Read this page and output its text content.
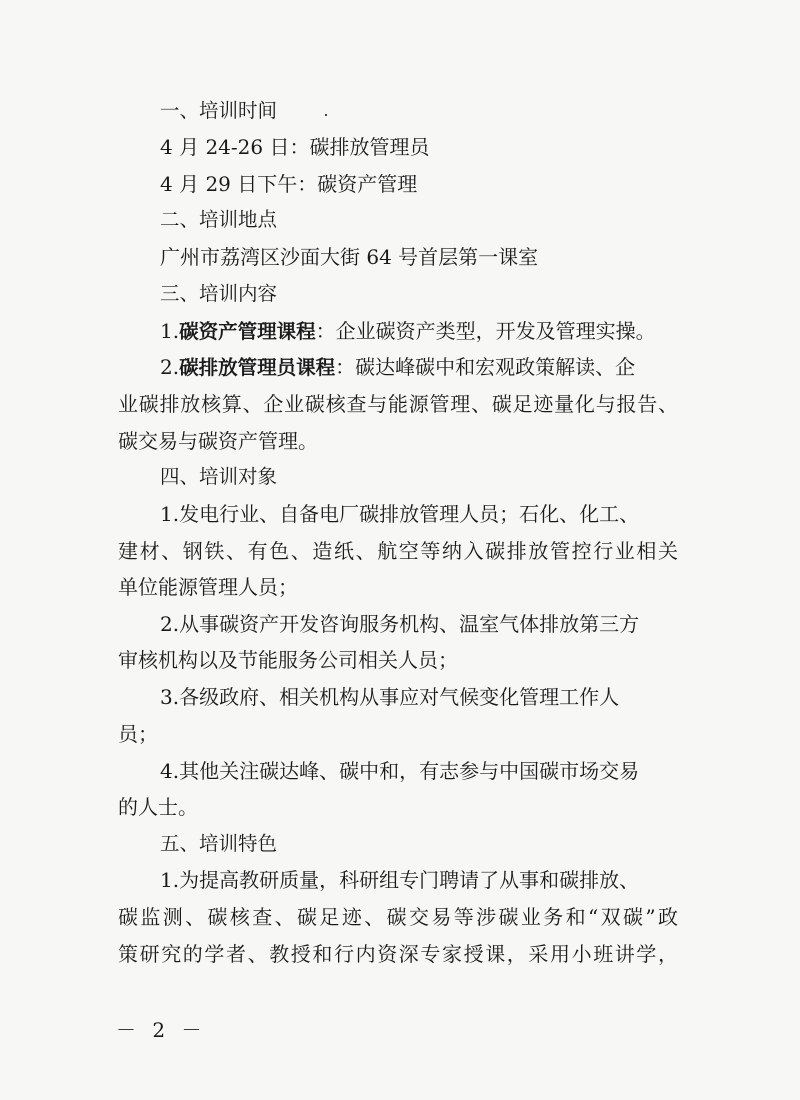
一、培训时间
4 月 24-26 日：碳排放管理员
4 月 29 日下午：碳资产管理
二、培训地点
广州市荔湾区沙面大街 64 号首层第一课室
三、培训内容
1.碳资产管理课程：企业碳资产类型，开发及管理实操。
2.碳排放管理员课程：碳达峰碳中和宏观政策解读、企
业碳排放核算、企业碳核查与能源管理、碳足迹量化与报告、
碳交易与碳资产管理。
四、培训对象
1.发电行业、自备电厂碳排放管理人员；石化、化工、
建材、钢铁、有色、造纸、航空等纳入碳排放管控行业相关
单位能源管理人员；
2.从事碳资产开发咨询服务机构、温室气体排放第三方
审核机构以及节能服务公司相关人员；
3.各级政府、相关机构从事应对气候变化管理工作人
员；
4.其他关注碳达峰、碳中和，有志参与中国碳市场交易
的人士。
五、培训特色
1.为提高教研质量，科研组专门聘请了从事和碳排放、
碳监测、碳核查、碳足迹、碳交易等涉碳业务和“双碳”政
策研究的学者、教授和行内资深专家授课，采用小班讲学，
－ 2 －
